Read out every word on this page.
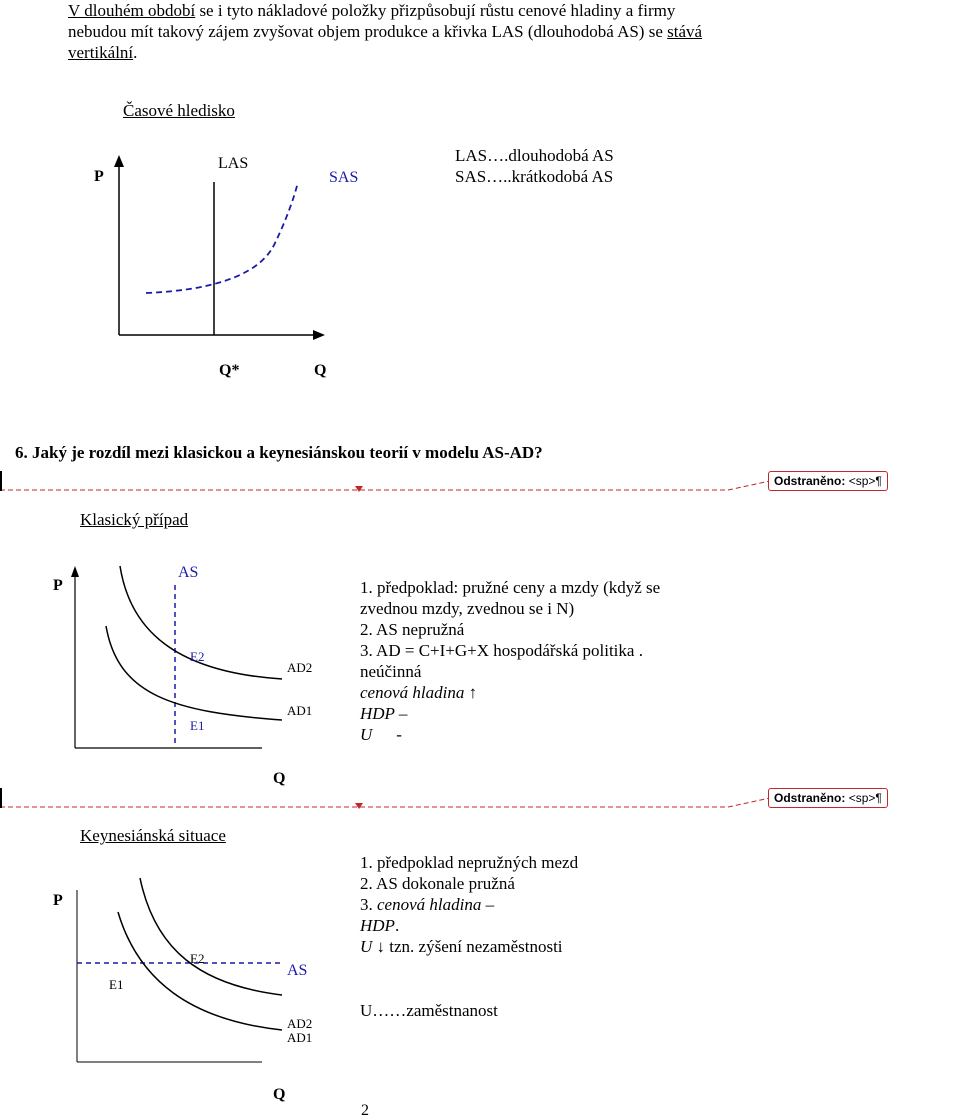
V dlouhém období se i tyto nákladové položky přizpůsobují růstu cenové hladiny a firmy nebudou mít takový zájem zvyšovat objem produkce a křivka LAS (dlouhodobá AS) se stává vertikální.
Časové hledisko
P
LAS
SAS
LAS….dlouhodobá AS
SAS…..krátkodobá AS
Q*	Q
6. Jaký je rozdíl mezi klasickou a keynesiánskou teorií v modelu AS-AD?
Odstraněno: <sp>¶
Klasický případ
P
AS
E2
E1
AD2
AD1
Q
1. předpoklad: pružné ceny a mzdy (když se
zvednou mzdy, zvednou se i N)
2. AS nepružná
3. AD = C+I+G+X hospodářská politika .
neúčinná
cenová hladina ↑
HDP –
U -
Odstraněno: <sp>¶
Keynesiánská situace
P
E2
E1
AS
AD2
AD1
Q
1. předpoklad nepružných mezd
2. AS dokonale pružná
3. cenová hladina –
HDP.
U ↓ tzn. zýšení nezaměstnosti
U……zaměstnanost
2
